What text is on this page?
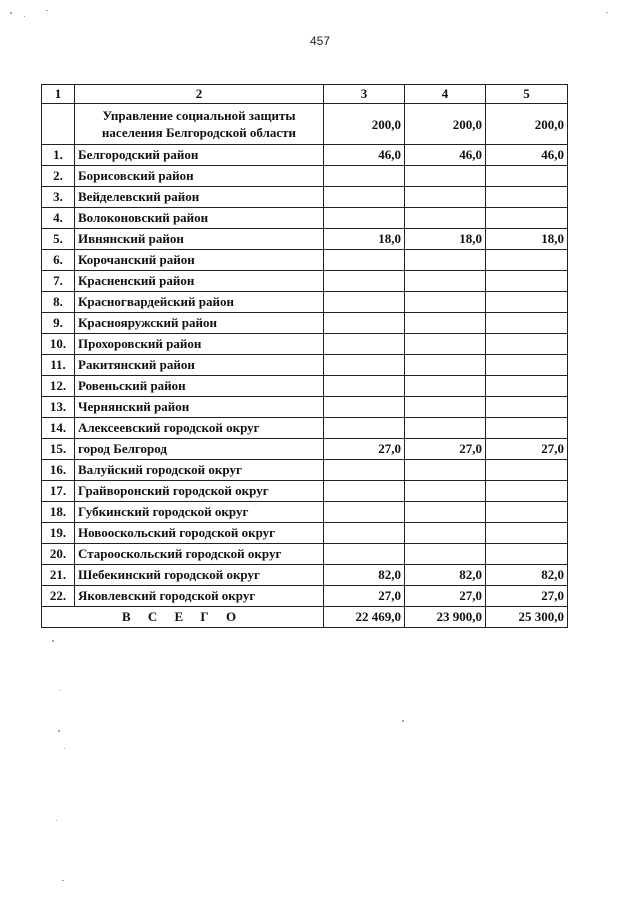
457
1	2	3	4	5
	Управление социальной защиты населения Белгородской области	200,0	200,0	200,0
1.	Белгородский район	46,0	46,0	46,0
2.	Борисовский район			
3.	Вейделевский район			
4.	Волоконовский район			
5.	Ивнянский район	18,0	18,0	18,0
6.	Корочанский район			
7.	Красненский район			
8.	Красногвардейский район			
9.	Краснояружский район			
10.	Прохоровский район			
11.	Ракитянский район			
12.	Ровеньский район			
13.	Чернянский район			
14.	Алексеевский городской округ			
15.	город Белгород	27,0	27,0	27,0
16.	Валуйский городской округ			
17.	Грайворонский городской округ			
18.	Губкинский городской округ			
19.	Новооскольский городской округ			
20.	Старооскольский городской округ			
21.	Шебекинский городской округ	82,0	82,0	82,0
22.	Яковлевский городской округ	27,0	27,0	27,0
В С Е Г О		22 469,0	23 900,0	25 300,0
